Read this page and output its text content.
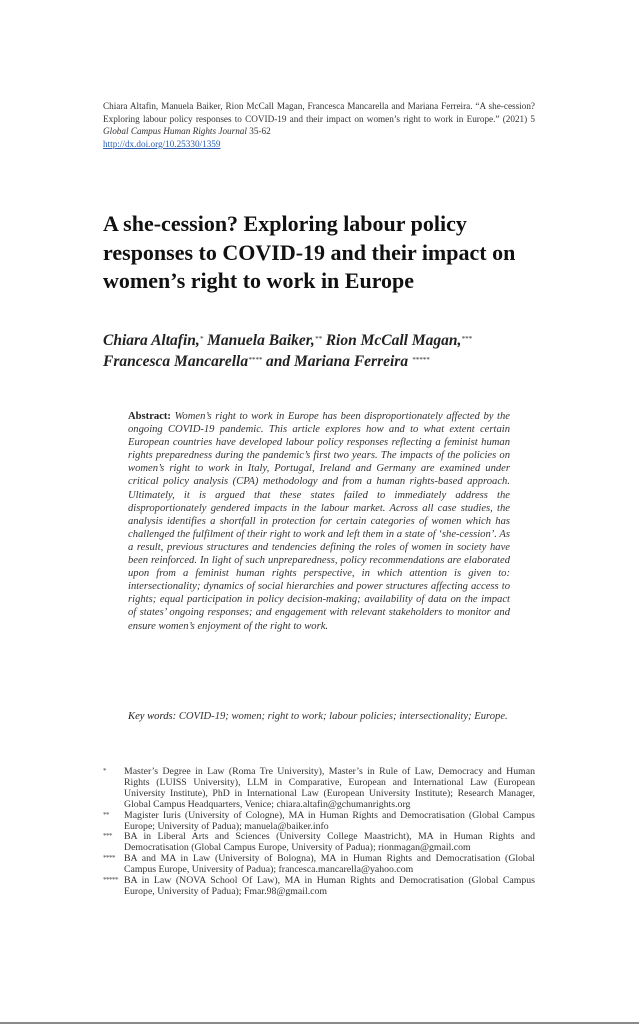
Chiara Altafin, Manuela Baiker, Rion McCall Magan, Francesca Mancarella and Mariana Ferreira. “A she-cession? Exploring labour policy responses to COVID-19 and their impact on women’s right to work in Europe.” (2021) 5 Global Campus Human Rights Journal 35-62
http://dx.doi.org/10.25330/1359
A she-cession? Exploring labour policy responses to COVID-19 and their impact on women’s right to work in Europe
Chiara Altafin,* Manuela Baiker,** Rion McCall Magan,***
Francesca Mancarella**** and Mariana Ferreira *****
Abstract: Women’s right to work in Europe has been disproportionately affected by the ongoing COVID-19 pandemic. This article explores how and to what extent certain European countries have developed labour policy responses reflecting a feminist human rights preparedness during the pandemic’s first two years. The impacts of the policies on women’s right to work in Italy, Portugal, Ireland and Germany are examined under critical policy analysis (CPA) methodology and from a human rights-based approach. Ultimately, it is argued that these states failed to immediately address the disproportionately gendered impacts in the labour market. Across all case studies, the analysis identifies a shortfall in protection for certain categories of women which has challenged the fulfilment of their right to work and left them in a state of ‘she-cession’. As a result, previous structures and tendencies defining the roles of women in society have been reinforced. In light of such unpreparedness, policy recommendations are elaborated upon from a feminist human rights perspective, in which attention is given to: intersectionality; dynamics of social hierarchies and power structures affecting access to rights; equal participation in policy decision-making; availability of data on the impact of states’ ongoing responses; and engagement with relevant stakeholders to monitor and ensure women’s enjoyment of the right to work.
Key words: COVID-19; women; right to work; labour policies; intersectionality; Europe.
*	Master’s Degree in Law (Roma Tre University), Master’s in Rule of Law, Democracy and Human Rights (LUISS University), LLM in Comparative, European and International Law (European University Institute), PhD in International Law (European University Institute); Research Manager, Global Campus Headquarters, Venice; chiara.altafin@gchumanrights.org
**	Magister Iuris (University of Cologne), MA in Human Rights and Democratisation (Global Campus Europe; University of Padua); manuela@baiker.info
***	BA in Liberal Arts and Sciences (University College Maastricht), MA in Human Rights and Democratisation (Global Campus Europe, University of Padua); rionmagan@gmail.com
**** BA and MA in Law (University of Bologna), MA in Human Rights and Democratisation (Global Campus Europe, University of Padua); francesca.mancarella@yahoo.com
***** BA in Law (NOVA School Of Law), MA in Human Rights and Democratisation (Global Campus Europe, University of Padua); Fmar.98@gmail.com
